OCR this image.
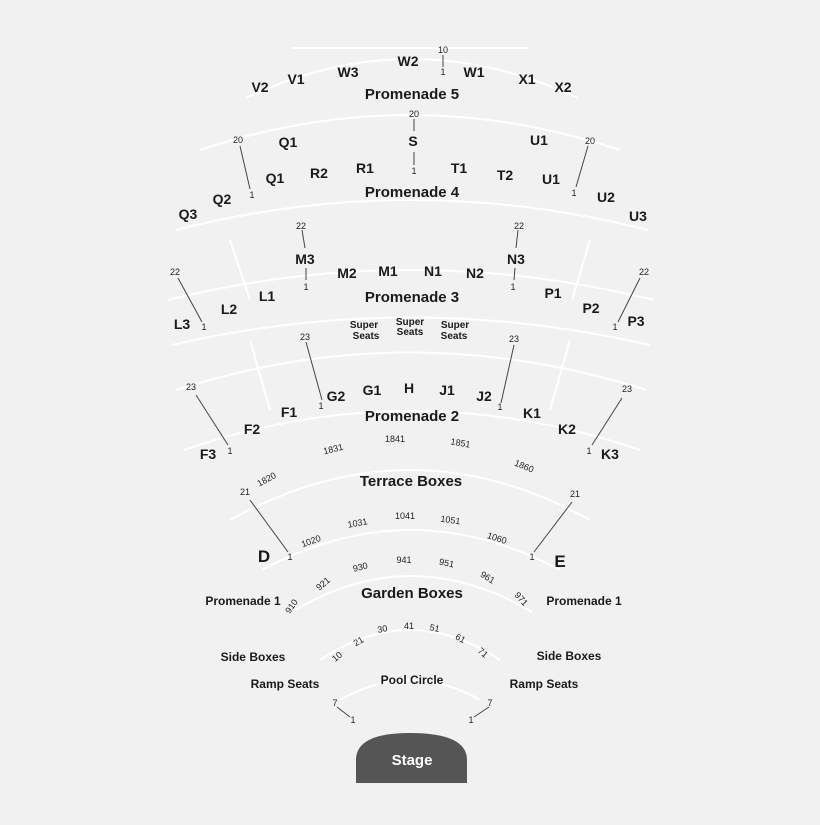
V2 V1 W3
W2
10
1 W1 X1 X2
Promenade 5
20
S
1
20
1
20
1
Q1	U1
Q1 R2 R1	T1 T2 U1
Q2
Q3
U2
U3
Promenade 4
22
1
22
1
22
1
22
1
M3	N3
M2 M1 N1 N2
L1	P1
L2	P2
L3	P3
Promenade 3
Super
Seats
Super
Seats
Super
Seats
23
1
23
1
23
1
23
1
G2 G1 H J1 J2
F1	K1
F2	K2
F3	K3
Promenade 2
1820
1831
1841	1851
1860
Terrace Boxes
1020
1031
1041	1051
1060
21
1
21
1
D	E
910
921
930
941	951
961
971
Garden Boxes
10
21
30 41 51
61
71
Promenade 1	Promenade 1
Side Boxes	Side Boxes
Ramp Seats	Ramp Seats
Pool Circle
7
1
7
1
Stage
